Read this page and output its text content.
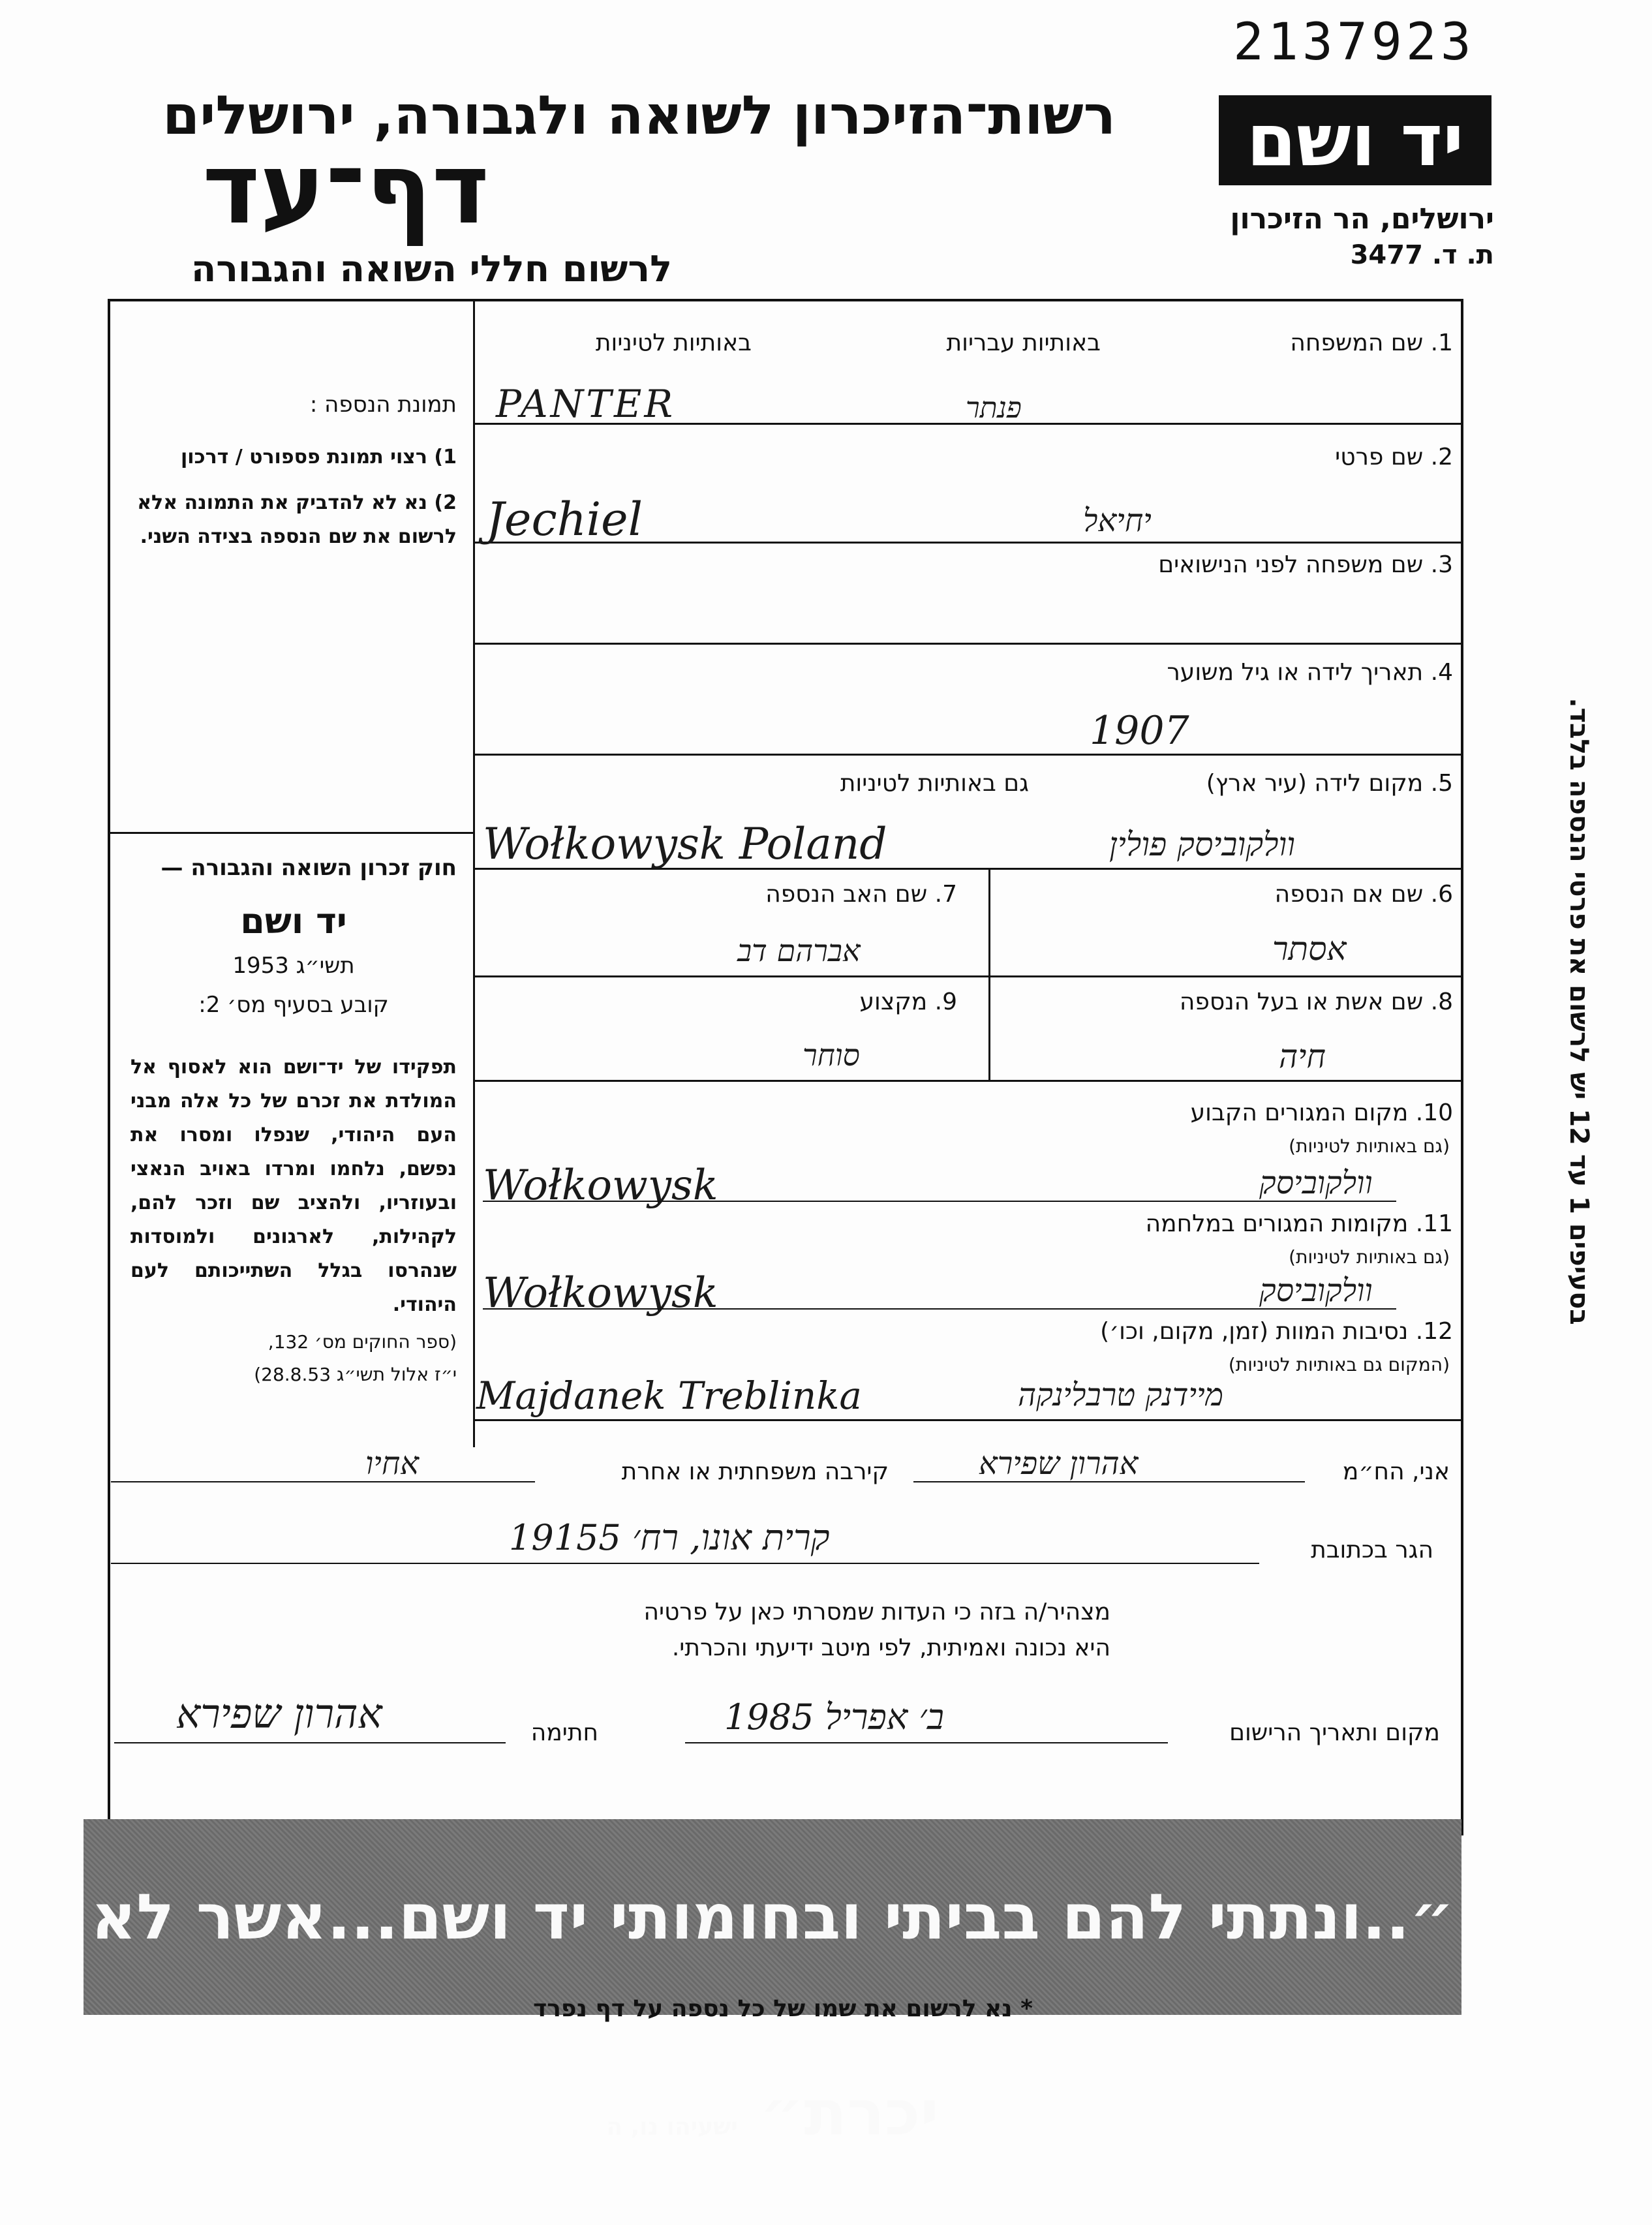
2137923
רשות־הזיכרון לשואה ולגבורה, ירושלים
דף־עד
לרשום חללי השואה והגבורה
יד ושם
ירושלים, הר הזיכרון
ת. ד. 3477
תמונת הנספה :
1) רצוי תמונת פספורט / דרכון
2) נא לא להדביק את התמונה אלא לרשום את שם הנספה בצידה השני.
חוק זכרון השואה והגבורה —
יד ושם
תשי״ג 1953
קובע בסעיף מס׳ 2:
תפקידו של יד־ושם הוא לאסוף אל המולדת את זכרם של כל אלה מבני העם היהודי, שנפלו ומסרו את נפשם, נלחמו ומרדו באויב הנאצי ובעוזריו, ולהציב שם וזכר להם, לקהילות, לארגונים ולמוסדות שנהרסו בגלל השתייכותם לעם היהודי.
(ספר החוקים מס׳ 132,
י״ז אלול תשי״ג 28.8.53)
1. שם המשפחה
באותיות עבריות
באותיות לטיניות
PANTER	פנתר
2. שם פרטי
Jechiel	יחיאל
3. שם משפחה לפני הנישואים
4. תאריך לידה או גיל משוער
1907
5. מקום לידה (עיר ארץ)
גם באותיות לטיניות
Wołkowysk Poland	וולקוביסק פולין
6. שם אם הנספה
אסתר
7. שם האב הנספה
אברהם דב
8. שם אשת או בעל הנספה
חיה
9. מקצוע
סוחר
10. מקום המגורים הקבוע
(גם באותיות לטיניות)
Wołkowysk	וולקוביסק
11. מקומות המגורים במלחמה
(גם באותיות לטיניות)
Wołkowysk	וולקוביסק
12. נסיבות המוות (זמן, מקום, וכו׳)
(המקום גם באותיות לטיניות)
Majdanek Treblinka	מיידנק טרבלינקה
אני, הח״מ
אהרון שפירא
קירבה משפחתית או אחרת
אחיו
הגר בכתובת
קרית אונו, רח׳ 19155
מצהיר/ה בזה כי העדות שמסרתי כאן על פרטיה
היא נכונה ואמיתית, לפי מיטב ידיעתי והכרתי.
מקום ותאריך הרישום
ב׳ אפריל 1985
חתימה
אהרון שפירא
״..ונתתי להם בביתי ובחומותי יד ושם...אשר לא יכרת״ ישעיהו נו, ה
* נא לרשום את שמו של כל נספה על דף נפרד
בסעיפים 1 עד 12 יש לרשום את פרטי הנספה בלבד.
